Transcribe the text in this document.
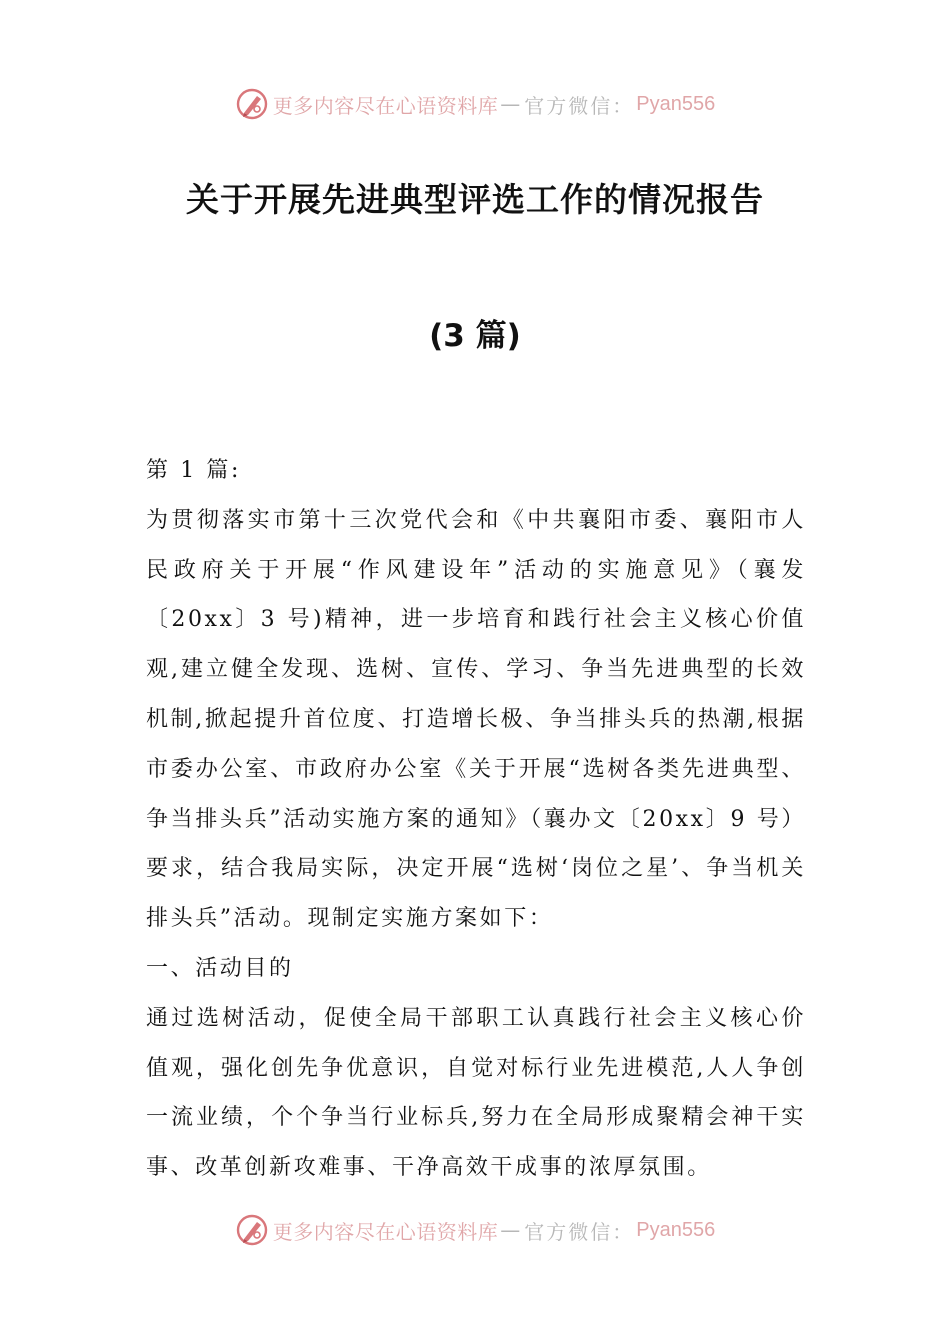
更多内容尽在心语资料库 — 官方微信： Pyan556
关于开展先进典型评选工作的情况报告
(3 篇)

第 1 篇:

为贯彻落实市第十三次党代会和《中共襄阳市委、襄阳市人民政府关于开展“作风建设年”活动的实施意见》（襄发〔20xx〕3 号)精神，进一步培育和践行社会主义核心价值观,建立健全发现、选树、宣传、学习、争当先进典型的长效机制,掀起提升首位度、打造增长极、争当排头兵的热潮,根据市委办公室、市政府办公室《关于开展“选树各类先进典型、争当排头兵”活动实施方案的通知》（襄办文〔20xx〕9 号）要求，结合我局实际，决定开展“选树‘岗位之星’、争当机关排头兵”活动。现制定实施方案如下：

一、活动目的

通过选树活动，促使全局干部职工认真践行社会主义核心价值观，强化创先争优意识，自觉对标行业先进模范,人人争创一流业绩，个个争当行业标兵,努力在全局形成聚精会神干实事、改革创新攻难事、干净高效干成事的浓厚氛围。

更多内容尽在心语资料库 — 官方微信： Pyan556
